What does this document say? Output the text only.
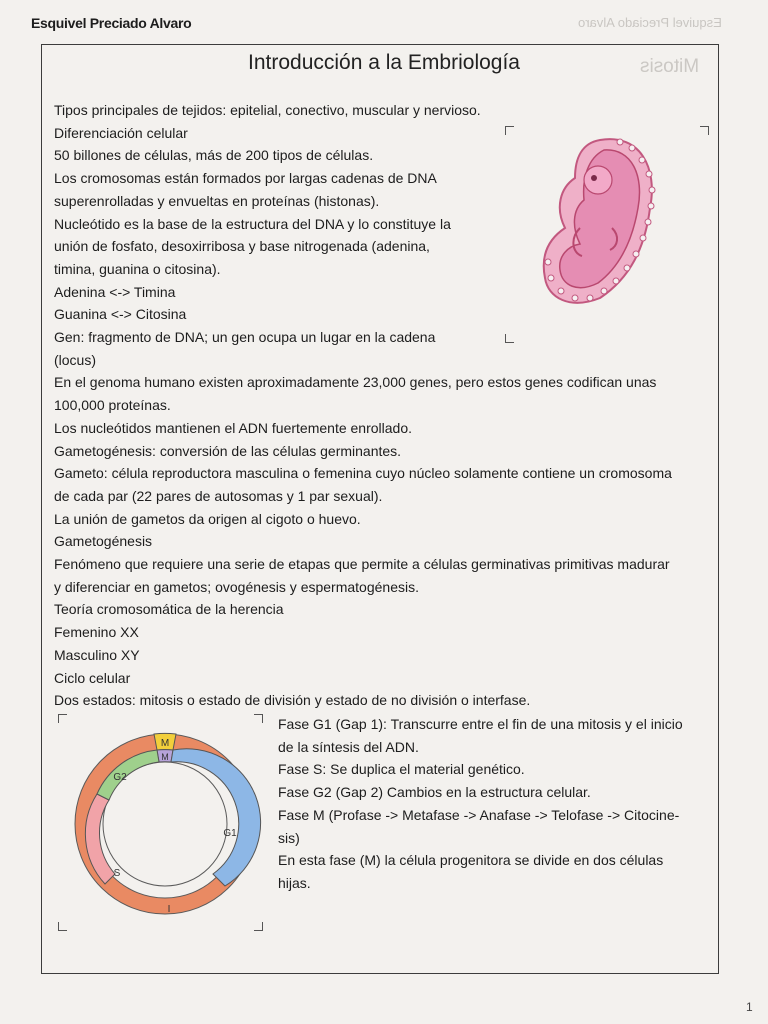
Esquivel Preciado Alvaro	Esquivel Preciado Alvaro
Mitosis
Introducción a la Embriología
Tipos principales de tejidos: epitelial, conectivo, muscular y nervioso.
Diferenciación celular
50 billones de células, más de 200 tipos de células.
Los cromosomas están formados por largas cadenas de DNA
superenrolladas y envueltas en proteínas (histonas).
Nucleótido es la base de la estructura del DNA y lo constituye la
unión de fosfato, desoxirribosa y base nitrogenada (adenina,
timina, guanina o citosina).
Adenina <-> Timina
Guanina <-> Citosina
Gen: fragmento de DNA; un gen ocupa un lugar en la cadena
(locus)
En el genoma humano existen aproximadamente 23,000 genes, pero estos genes codifican unas
100,000 proteínas.
Los nucleótidos mantienen el ADN fuertemente enrollado.
Gametogénesis: conversión de las células germinantes.
Gameto: célula reproductora masculina o femenina cuyo núcleo solamente contiene un cromosoma
de cada par (22 pares de autosomas y 1 par sexual).
La unión de gametos da origen al cigoto o huevo.
Gametogénesis
Fenómeno que requiere una serie de etapas que permite a células germinativas primitivas madurar
y diferenciar en gametos; ovogénesis y espermatogénesis.
Teoría cromosomática de la herencia
Femenino XX
Masculino XY
Ciclo celular
Dos estados: mitosis o estado de división y estado de no división o interfase.
M
M
G2
G1
S
I
Fase G1 (Gap 1): Transcurre entre el fin de una mitosis y el inicio
de la síntesis del ADN.
Fase S: Se duplica el material genético.
Fase G2 (Gap 2) Cambios en la estructura celular.
Fase M (Profase -> Metafase -> Anafase -> Telofase -> Citocine-
sis)
En esta fase (M) la célula progenitora se divide en dos células
hijas.
1
